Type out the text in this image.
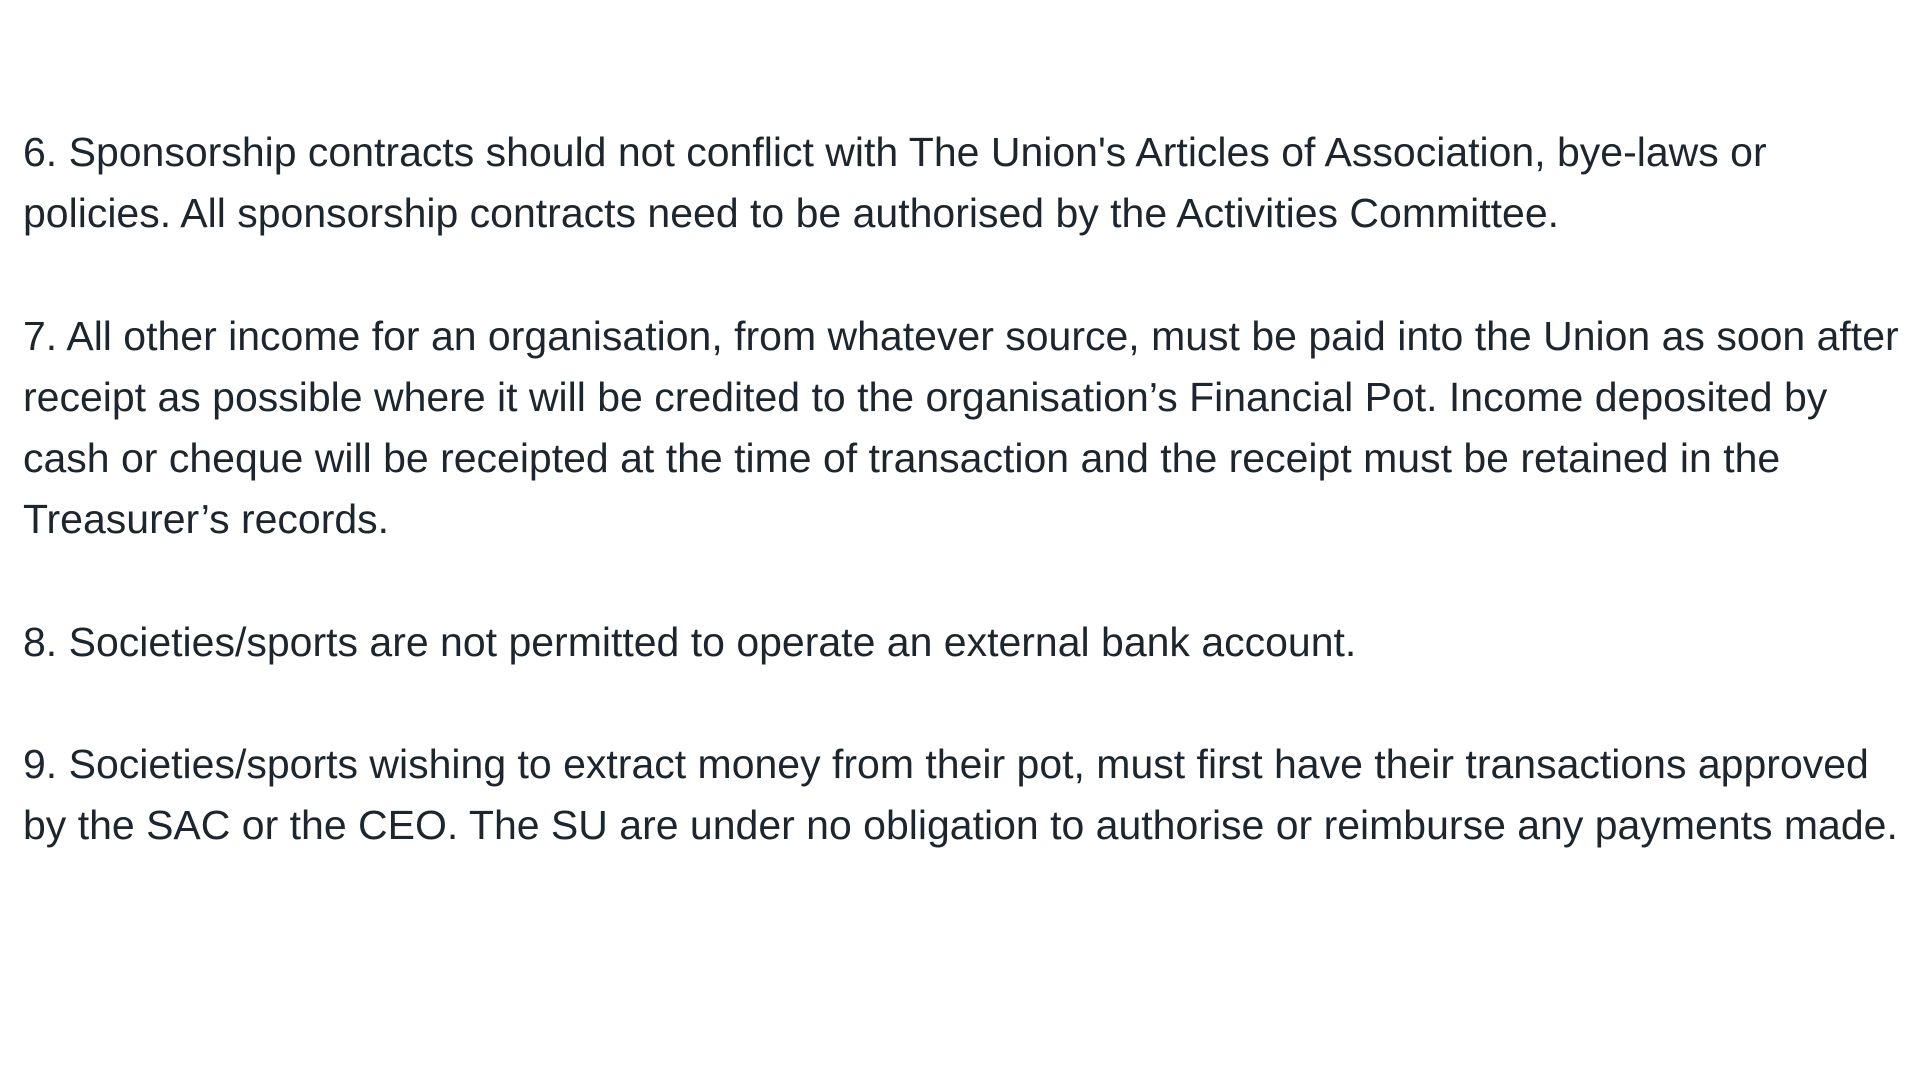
6. Sponsorship contracts should not conflict with The Union's Articles of Association, bye-laws or policies. All sponsorship contracts need to be authorised by the Activities Committee.

7. All other income for an organisation, from whatever source, must be paid into the Union as soon after receipt as possible where it will be credited to the organisation’s Financial Pot. Income deposited by cash or cheque will be receipted at the time of transaction and the receipt must be retained in the Treasurer’s records.

8. Societies/sports are not permitted to operate an external bank account.

9. Societies/sports wishing to extract money from their pot, must first have their transactions approved by the SAC or the CEO. The SU are under no obligation to authorise or reimburse any payments made.
